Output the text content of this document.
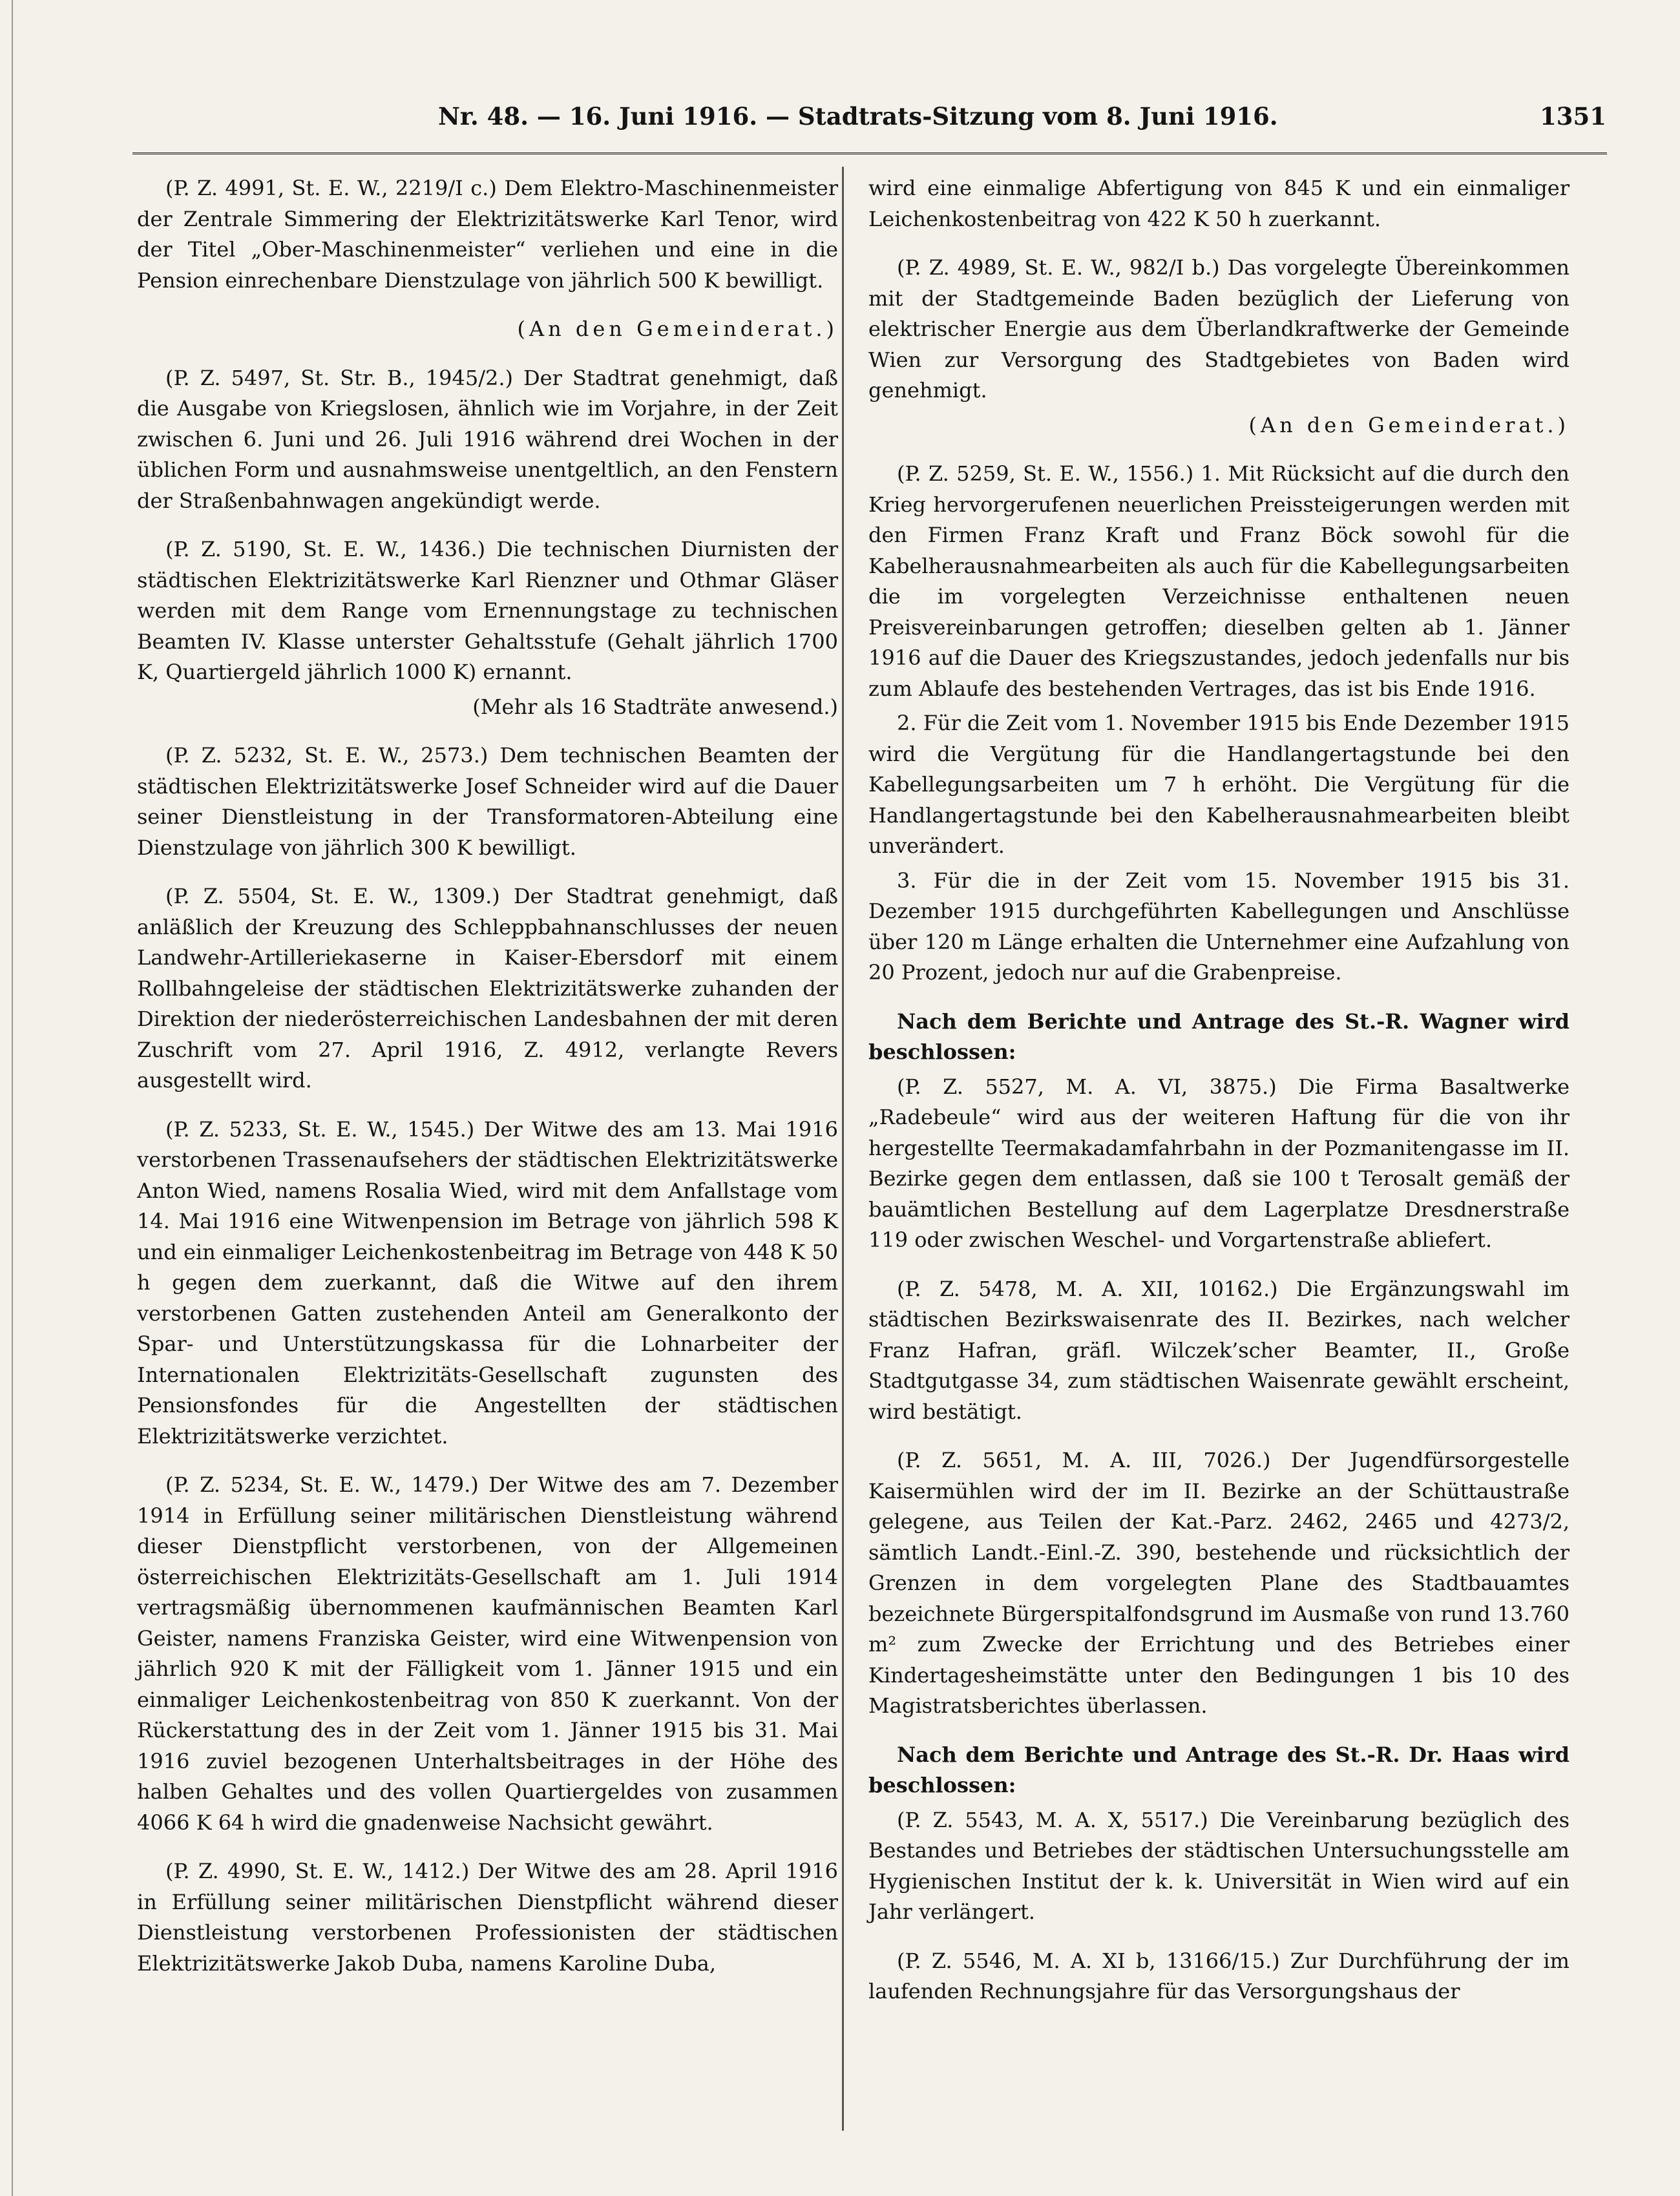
Nr. 48. — 16. Juni 1916. — Stadtrats-Sitzung vom 8. Juni 1916.	1351

(P. Z. 4991, St. E. W., 2219/I c.) Dem Elektro-Maschinenmeister der Zentrale Simmering der Elektrizitätswerke Karl Tenor, wird der Titel „Ober-Maschinenmeister“ verliehen und eine in die Pension einrechenbare Dienstzulage von jährlich 500 K bewilligt.

(An den Gemeinderat.)

(P. Z. 5497, St. Str. B., 1945/2.) Der Stadtrat genehmigt, daß die Ausgabe von Kriegslosen, ähnlich wie im Vorjahre, in der Zeit zwischen 6. Juni und 26. Juli 1916 während drei Wochen in der üblichen Form und ausnahmsweise unentgeltlich, an den Fenstern der Straßenbahnwagen angekündigt werde.

(P. Z. 5190, St. E. W., 1436.) Die technischen Diurnisten der städtischen Elektrizitätswerke Karl Rienzner und Othmar Gläser werden mit dem Range vom Ernennungstage zu technischen Beamten IV. Klasse unterster Gehaltsstufe (Gehalt jährlich 1700 K, Quartiergeld jährlich 1000 K) ernannt.

(Mehr als 16 Stadträte anwesend.)

(P. Z. 5232, St. E. W., 2573.) Dem technischen Beamten der städtischen Elektrizitätswerke Josef Schneider wird auf die Dauer seiner Dienstleistung in der Transformatoren-Abteilung eine Dienstzulage von jährlich 300 K bewilligt.

(P. Z. 5504, St. E. W., 1309.) Der Stadtrat genehmigt, daß anläßlich der Kreuzung des Schleppbahnanschlusses der neuen Landwehr-Artilleriekaserne in Kaiser-Ebersdorf mit einem Rollbahngeleise der städtischen Elektrizitätswerke zuhanden der Direktion der niederösterreichischen Landesbahnen der mit deren Zuschrift vom 27. April 1916, Z. 4912, verlangte Revers ausgestellt wird.

(P. Z. 5233, St. E. W., 1545.) Der Witwe des am 13. Mai 1916 verstorbenen Trassenaufsehers der städtischen Elektrizitätswerke Anton Wied, namens Rosalia Wied, wird mit dem Anfallstage vom 14. Mai 1916 eine Witwenpension im Betrage von jährlich 598 K und ein einmaliger Leichenkostenbeitrag im Betrage von 448 K 50 h gegen dem zuerkannt, daß die Witwe auf den ihrem verstorbenen Gatten zustehenden Anteil am Generalkonto der Spar- und Unterstützungskassa für die Lohnarbeiter der Internationalen Elektrizitäts-Gesellschaft zugunsten des Pensionsfondes für die Angestellten der städtischen Elektrizitätswerke verzichtet.

(P. Z. 5234, St. E. W., 1479.) Der Witwe des am 7. Dezember 1914 in Erfüllung seiner militärischen Dienstleistung während dieser Dienstpflicht verstorbenen, von der Allgemeinen österreichischen Elektrizitäts-Gesellschaft am 1. Juli 1914 vertragsmäßig übernommenen kaufmännischen Beamten Karl Geister, namens Franziska Geister, wird eine Witwenpension von jährlich 920 K mit der Fälligkeit vom 1. Jänner 1915 und ein einmaliger Leichenkostenbeitrag von 850 K zuerkannt. Von der Rückerstattung des in der Zeit vom 1. Jänner 1915 bis 31. Mai 1916 zuviel bezogenen Unterhaltsbeitrages in der Höhe des halben Gehaltes und des vollen Quartiergeldes von zusammen 4066 K 64 h wird die gnadenweise Nachsicht gewährt.

(P. Z. 4990, St. E. W., 1412.) Der Witwe des am 28. April 1916 in Erfüllung seiner militärischen Dienstpflicht während dieser Dienstleistung verstorbenen Professionisten der städtischen Elektrizitätswerke Jakob Duba, namens Karoline Duba,

wird eine einmalige Abfertigung von 845 K und ein einmaliger Leichenkostenbeitrag von 422 K 50 h zuerkannt.

(P. Z. 4989, St. E. W., 982/I b.) Das vorgelegte Übereinkommen mit der Stadtgemeinde Baden bezüglich der Lieferung von elektrischer Energie aus dem Überlandkraftwerke der Gemeinde Wien zur Versorgung des Stadtgebietes von Baden wird genehmigt.

(An den Gemeinderat.)

(P. Z. 5259, St. E. W., 1556.) 1. Mit Rücksicht auf die durch den Krieg hervorgerufenen neuerlichen Preissteigerungen werden mit den Firmen Franz Kraft und Franz Böck sowohl für die Kabelherausnahmearbeiten als auch für die Kabellegungsarbeiten die im vorgelegten Verzeichnisse enthaltenen neuen Preisvereinbarungen getroffen; dieselben gelten ab 1. Jänner 1916 auf die Dauer des Kriegszustandes, jedoch jedenfalls nur bis zum Ablaufe des bestehenden Vertrages, das ist bis Ende 1916.

2. Für die Zeit vom 1. November 1915 bis Ende Dezember 1915 wird die Vergütung für die Handlangertagstunde bei den Kabellegungsarbeiten um 7 h erhöht. Die Vergütung für die Handlangertagstunde bei den Kabelherausnahmearbeiten bleibt unverändert.

3. Für die in der Zeit vom 15. November 1915 bis 31. Dezember 1915 durchgeführten Kabellegungen und Anschlüsse über 120 m Länge erhalten die Unternehmer eine Aufzahlung von 20 Prozent, jedoch nur auf die Grabenpreise.

Nach dem Berichte und Antrage des St.-R. Wagner wird beschlossen:

(P. Z. 5527, M. A. VI, 3875.) Die Firma Basaltwerke „Radebeule“ wird aus der weiteren Haftung für die von ihr hergestellte Teermakadamfahrbahn in der Pozmanitengasse im II. Bezirke gegen dem entlassen, daß sie 100 t Terosalt gemäß der bauämtlichen Bestellung auf dem Lagerplatze Dresdnerstraße 119 oder zwischen Weschel- und Vorgartenstraße abliefert.

(P. Z. 5478, M. A. XII, 10162.) Die Ergänzungswahl im städtischen Bezirkswaisenrate des II. Bezirkes, nach welcher Franz Hafran, gräfl. Wilczek’scher Beamter, II., Große Stadtgutgasse 34, zum städtischen Waisenrate gewählt erscheint, wird bestätigt.

(P. Z. 5651, M. A. III, 7026.) Der Jugendfürsorgestelle Kaisermühlen wird der im II. Bezirke an der Schüttaustraße gelegene, aus Teilen der Kat.-Parz. 2462, 2465 und 4273/2, sämtlich Landt.-Einl.-Z. 390, bestehende und rücksichtlich der Grenzen in dem vorgelegten Plane des Stadtbauamtes bezeichnete Bürgerspitalfondsgrund im Ausmaße von rund 13.760 m² zum Zwecke der Errichtung und des Betriebes einer Kindertagesheimstätte unter den Bedingungen 1 bis 10 des Magistratsberichtes überlassen.

Nach dem Berichte und Antrage des St.-R. Dr. Haas wird beschlossen:

(P. Z. 5543, M. A. X, 5517.) Die Vereinbarung bezüglich des Bestandes und Betriebes der städtischen Untersuchungsstelle am Hygienischen Institut der k. k. Universität in Wien wird auf ein Jahr verlängert.

(P. Z. 5546, M. A. XI b, 13166/15.) Zur Durchführung der im laufenden Rechnungsjahre für das Versorgungshaus der
